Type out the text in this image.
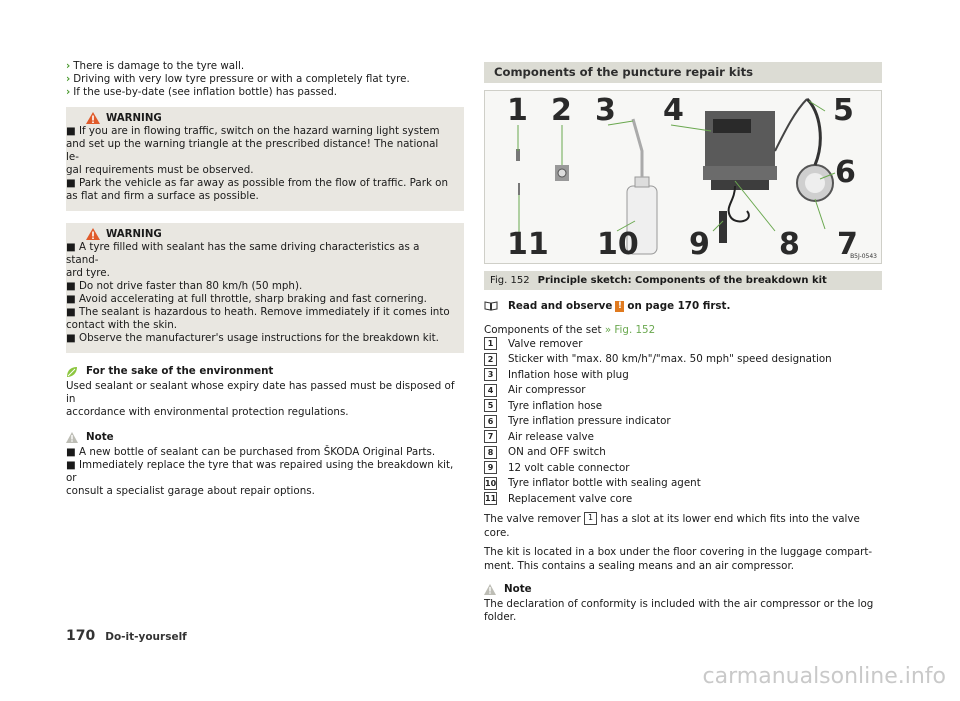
› There is damage to the tyre wall.
› Driving with very low tyre pressure or with a completely flat tyre.
› If the use-by-date (see inflation bottle) has passed.
WARNING

■ If you are in flowing traffic, switch on the hazard warning light system

and set up the warning triangle at the prescribed distance! The national le-

gal requirements must be observed.

■ Park the vehicle as far away as possible from the flow of traffic. Park on

as flat and firm a surface as possible.

WARNING

■ A tyre filled with sealant has the same driving characteristics as a stand-

ard tyre.

■ Do not drive faster than 80 km/h (50 mph).

■ Avoid accelerating at full throttle, sharp braking and fast cornering.

■ The sealant is hazardous to heath. Remove immediately if it comes into

contact with the skin.

■ Observe the manufacturer's usage instructions for the breakdown kit.

For the sake of the environment

Used sealant or sealant whose expiry date has passed must be disposed of in

accordance with environmental protection regulations.

Note

■ A new bottle of sealant can be purchased from ŠKODA Original Parts.

■ Immediately replace the tyre that was repaired using the breakdown kit, or

consult a specialist garage about repair options.

Components of the puncture repair kits
1 2 3 4	5
6
11 10 9 8 7
B5J-0543
Fig. 152 Principle sketch: Components of the breakdown kit
Read and observe ! on page 170 first.
Components of the set » Fig. 152
1	Valve remover
2	Sticker with "max. 80 km/h"/"max. 50 mph" speed designation
3	Inflation hose with plug
4	Air compressor
5	Tyre inflation hose
6	Tyre inflation pressure indicator
7	Air release valve
8	ON and OFF switch
9	12 volt cable connector
10 Tyre inflator bottle with sealing agent
11 Replacement valve core

The valve remover 1 has a slot at its lower end which fits into the valve core.

The kit is located in a box under the floor covering in the luggage compart-
ment. This contains a sealing means and an air compressor.

Note

The declaration of conformity is included with the air compressor or the log

folder.

170 Do-it-yourself
carmanualsonline.info
